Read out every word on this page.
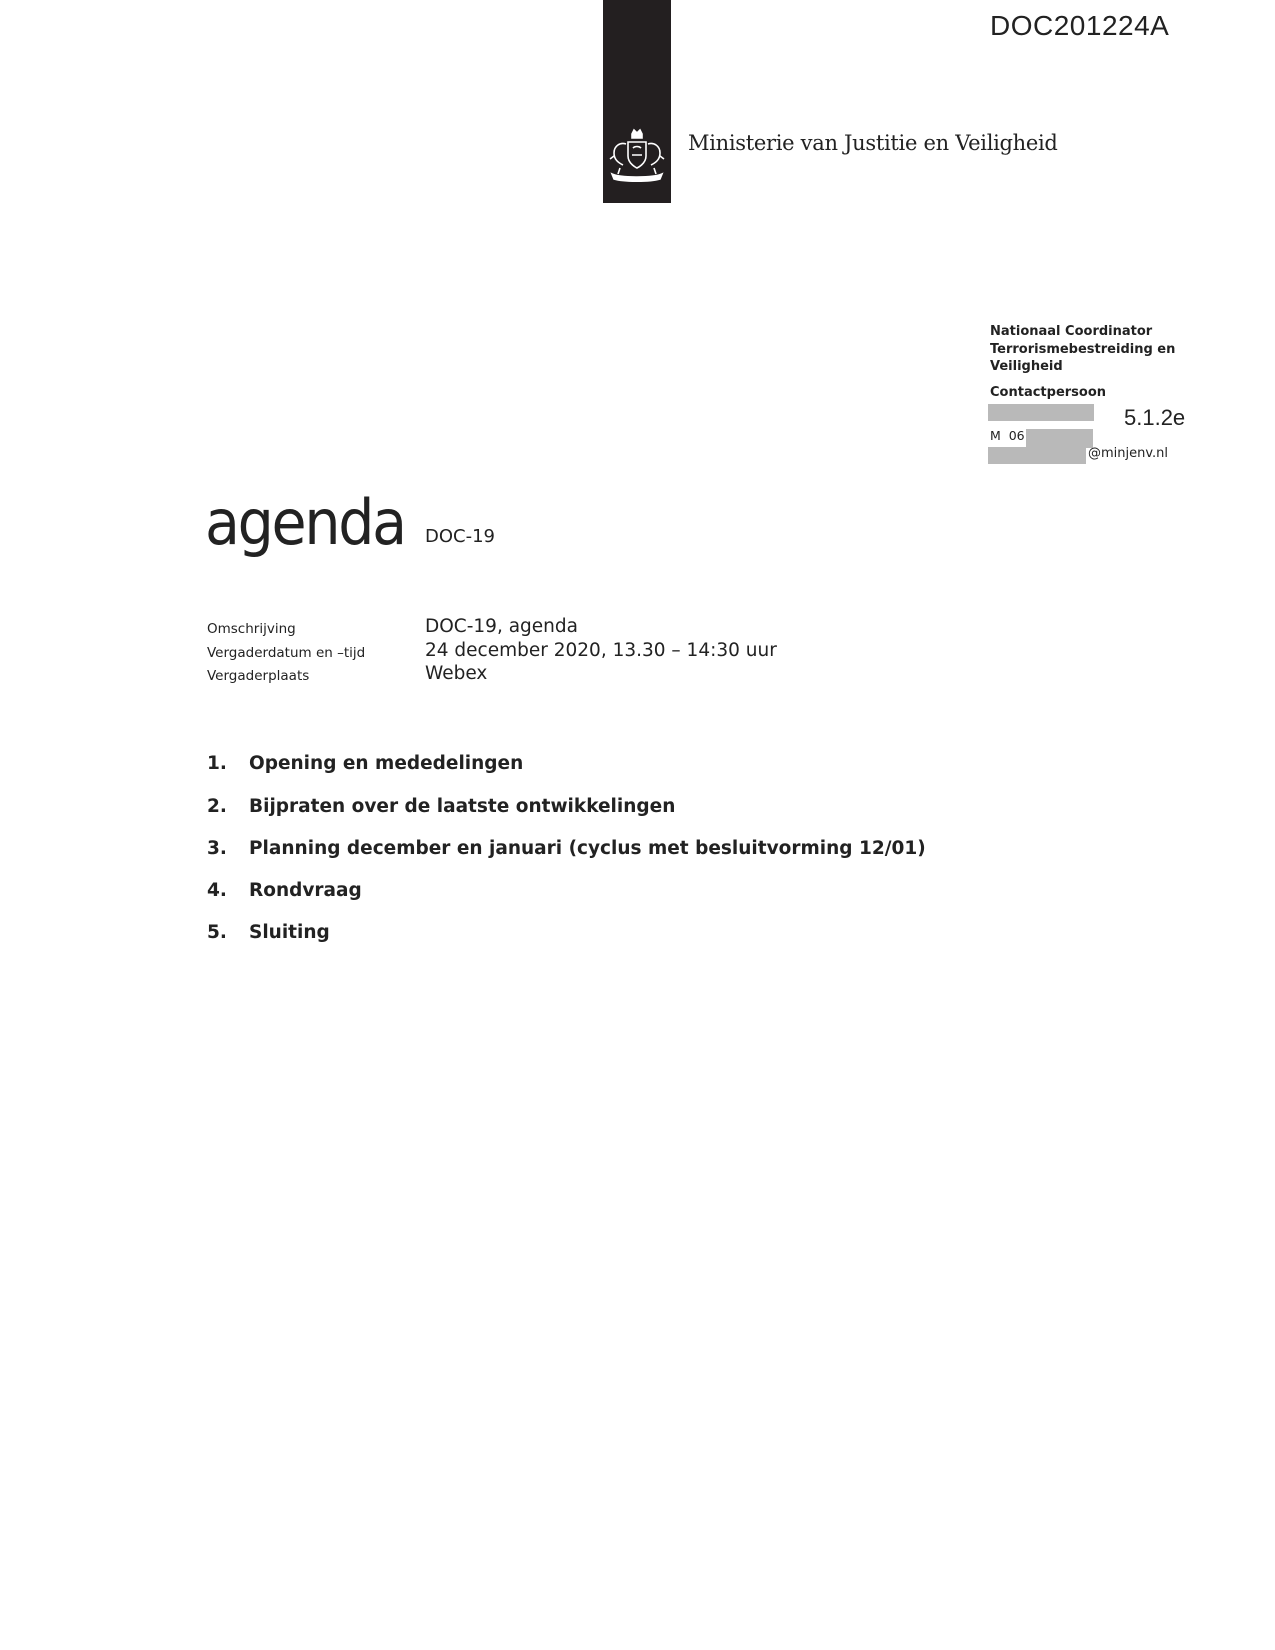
DOC201224A
Ministerie van Justitie en Veiligheid
Nationaal Coordinator
Terrorismebestreiding en
Veiligheid
Contactpersoon
M  06
@minjenv.nl
5.1.2e
agenda DOC-19
Omschrijving	DOC-19, agenda
Vergaderdatum en –tijd	24 december 2020, 13.30 – 14:30 uur
Vergaderplaats	Webex
1. Opening en mededelingen
2. Bijpraten over de laatste ontwikkelingen
3. Planning december en januari (cyclus met besluitvorming 12/01)
4. Rondvraag
5. Sluiting
